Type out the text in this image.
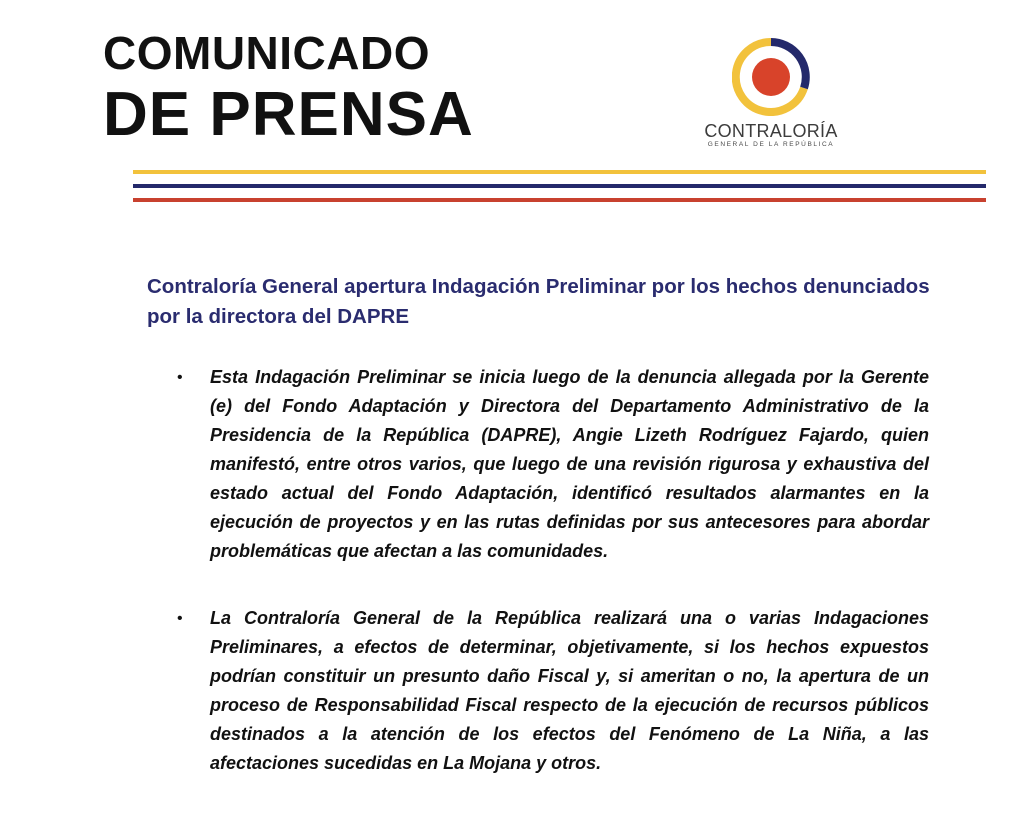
COMUNICADO
DE PRENSA	CONTRALORÍA
GENERAL DE LA REPÚBLICA
Contraloría General apertura Indagación Preliminar por los hechos denunciados por la directora del DAPRE
• Esta Indagación Preliminar se inicia luego de la denuncia allegada por la Gerente (e) del Fondo Adaptación y Directora del Departamento Administrativo de la Presidencia de la República (DAPRE), Angie Lizeth Rodríguez Fajardo, quien manifestó, entre otros varios, que luego de una revisión rigurosa y exhaustiva del estado actual del Fondo Adaptación, identificó resultados alarmantes en la ejecución de proyectos y en las rutas definidas por sus antecesores para abordar problemáticas que afectan a las comunidades.
• La Contraloría General de la República realizará una o varias Indagaciones Preliminares, a efectos de determinar, objetivamente, si los hechos expuestos podrían constituir un presunto daño Fiscal y, si ameritan o no, la apertura de un proceso de Responsabilidad Fiscal respecto de la ejecución de recursos públicos destinados a la atención de los efectos del Fenómeno de La Niña, a las afectaciones sucedidas en La Mojana y otros.
